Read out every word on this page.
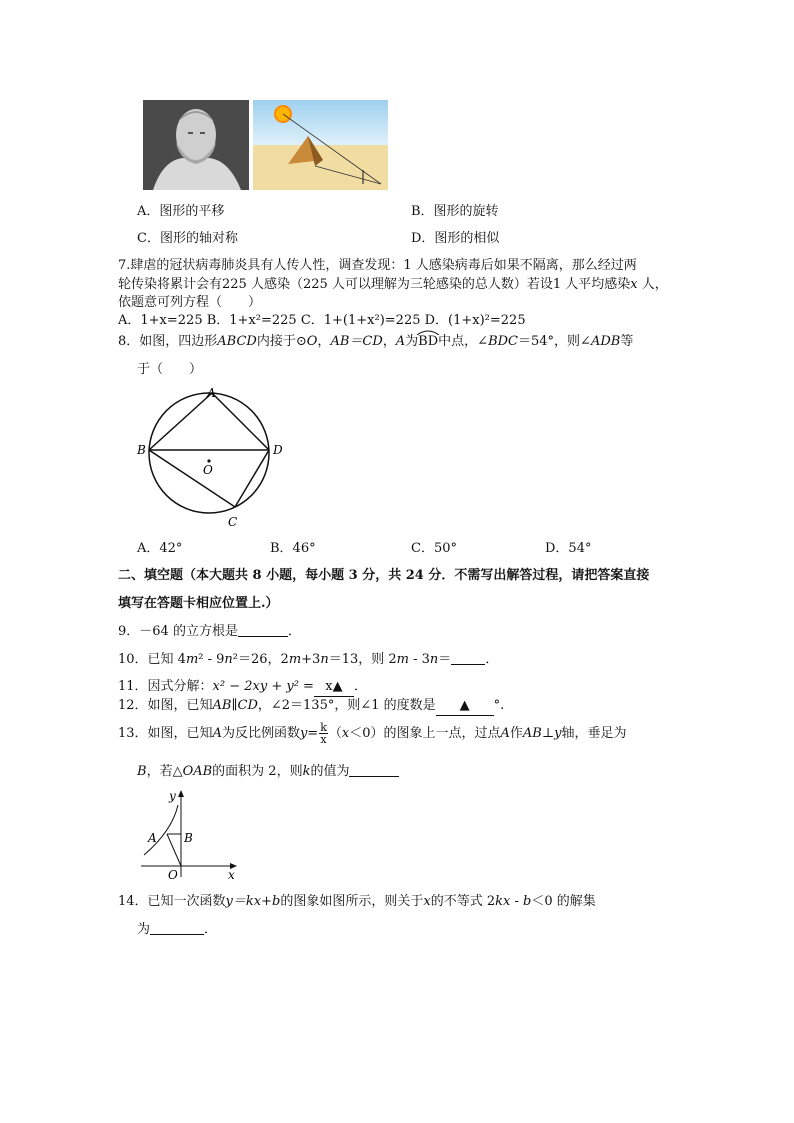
A．图形的平移	B．图形的旋转
C．图形的轴对称	D．图形的相似
7.肆虐的冠状病毒肺炎具有人传人性，调查发现：1 人感染病毒后如果不隔离，那么经过两
轮传染将累计会有225 人感染（225 人可以理解为三轮感染的总人数）若设1 人平均感染x 人，
依题意可列方程（　　）
A．1+x=225 B．1+x²=225 C．1+(1+x²)=225 D．(1+x)²=225
8．如图，四边形ABCD内接于⊙O，AB＝CD，A为
BD中点，∠BDC＝54°，则∠ADB等
于（　　）
A
B	D
O
C
A．42°	B．46°	C．50°	D．54°
二、填空题（本大题共 8 小题，每小题 3 分，共 24 分．不需写出解答过程，请把答案直接
填写在答题卡相应位置上.）
9．－64 的立方根是	．
10．已知 4m² - 9n²＝26，2m+3n＝13，则 2m - 3n＝	．
11．因式分解：x² − 2xy + y² = x▲ ．
12．如图，已知AB∥CD，∠2＝135°，则∠1 的度数是 ▲ °.
13．如图，已知A为反比例函数$y= \frac{k}{x} (x<0)$的图象上一点，过点A作AB⊥y轴，垂足为
B，若△OAB的面积为 2，则k的值为
y
A B
O	x
14．已知一次函数y＝kx+b的图象如图所示，则关于x的不等式 2kx - b＜0 的解集
为	．
